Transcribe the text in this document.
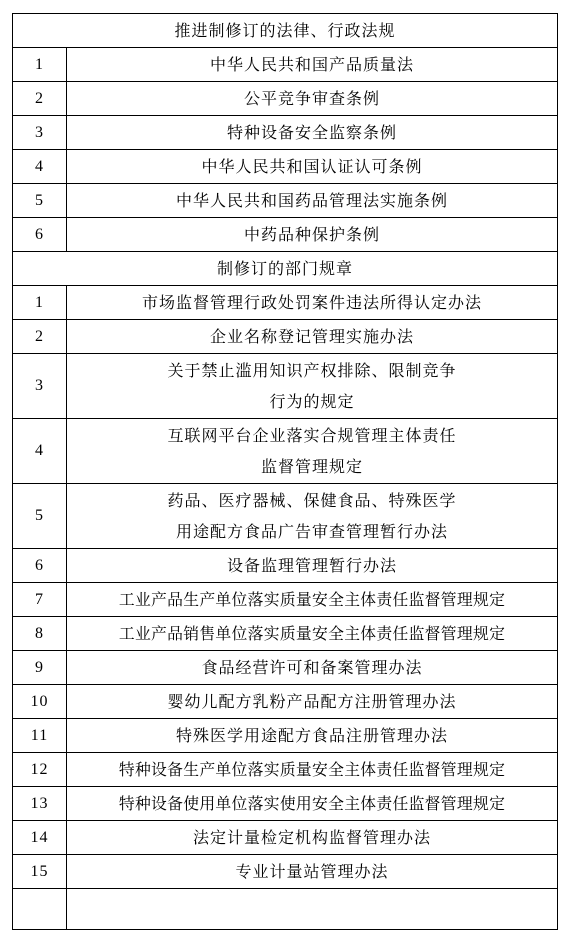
推进制修订的法律、行政法规	
1	中华人民共和国产品质量法
2	公平竞争审查条例
3	特种设备安全监察条例
4	中华人民共和国认证认可条例
5	中华人民共和国药品管理法实施条例
6	中药品种保护条例
制修订的部门规章	
1	市场监督管理行政处罚案件违法所得认定办法
2	企业名称登记管理实施办法
3	关于禁止滥用知识产权排除、限制竞争
行为的规定

4	互联网平台企业落实合规管理主体责任
监督管理规定

5	药品、医疗器械、保健食品、特殊医学
用途配方食品广告审查管理暂行办法

6	设备监理管理暂行办法
7	工业产品生产单位落实质量安全主体责任监督管理规定
8	工业产品销售单位落实质量安全主体责任监督管理规定
9	食品经营许可和备案管理办法
10	婴幼儿配方乳粉产品配方注册管理办法
11	特殊医学用途配方食品注册管理办法
12	特种设备生产单位落实质量安全主体责任监督管理规定
13	特种设备使用单位落实使用安全主体责任监督管理规定
14	法定计量检定机构监督管理办法
15	专业计量站管理办法
